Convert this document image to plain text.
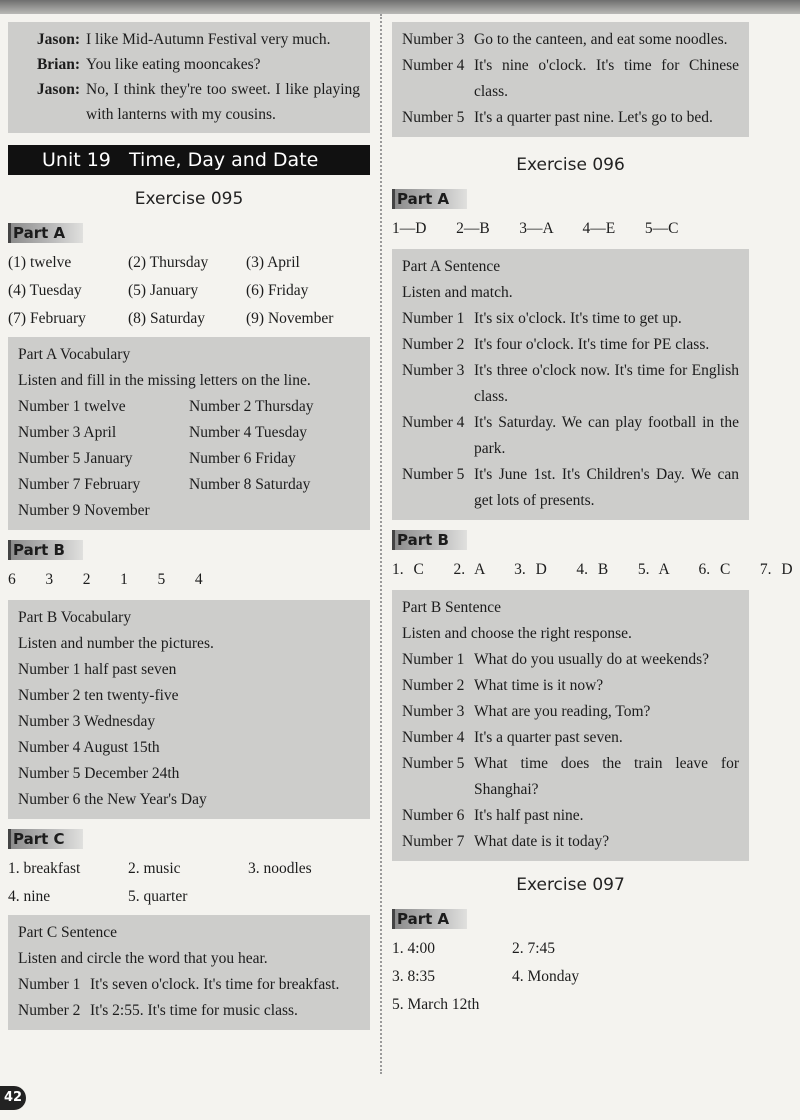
Jason: I like Mid-Autumn Festival very much.
Brian: You like eating mooncakes?
Jason: No, I think they're too sweet. I like playing with lanterns with my cousins.
Unit 19   Time, Day and Date
Exercise 095
Part A
(1) twelve	(2) Thursday	(3) April
(4) Tuesday	(5) January	(6) Friday
(7) February	(8) Saturday	(9) November
Part A Vocabulary
Listen and fill in the missing letters on the line.
Number 1 twelve	Number 2 Thursday
Number 3 April	Number 4 Tuesday
Number 5 January	Number 6 Friday
Number 7 February	Number 8 Saturday
Number 9 November
Part B
6   3   2   1   5   4
Part B Vocabulary
Listen and number the pictures.
Number 1 half past seven
Number 2 ten twenty-five
Number 3 Wednesday
Number 4 August 15th
Number 5 December 24th
Number 6 the New Year's Day
Part C
1. breakfast	2. music	3. noodles
4. nine	5. quarter
Part C Sentence
Listen and circle the word that you hear.
Number 1 It's seven o'clock. It's time for breakfast.
Number 2 It's 2:55. It's time for music class.
Number 3 Go to the canteen, and eat some noodles.
Number 4 It's nine o'clock. It's time for Chinese class.
Number 5 It's a quarter past nine. Let's go to bed.
Exercise 096
Part A
1—D   2—B   3—A   4—E   5—C
Part A Sentence
Listen and match.
Number 1 It's six o'clock. It's time to get up.
Number 2 It's four o'clock. It's time for PE class.
Number 3 It's three o'clock now. It's time for English class.
Number 4 It's Saturday. We can play football in the park.
Number 5 It's June 1st. It's Children's Day. We can get lots of presents.
Part B
1. C   2. A   3. D   4. B   5. A   6. C   7. D
Part B Sentence
Listen and choose the right response.
Number 1 What do you usually do at weekends?
Number 2 What time is it now?
Number 3 What are you reading, Tom?
Number 4 It's a quarter past seven.
Number 5 What time does the train leave for Shanghai?
Number 6 It's half past nine.
Number 7 What date is it today?
Exercise 097
Part A
1. 4:00	2. 7:45
3. 8:35	4. Monday
5. March 12th
42
